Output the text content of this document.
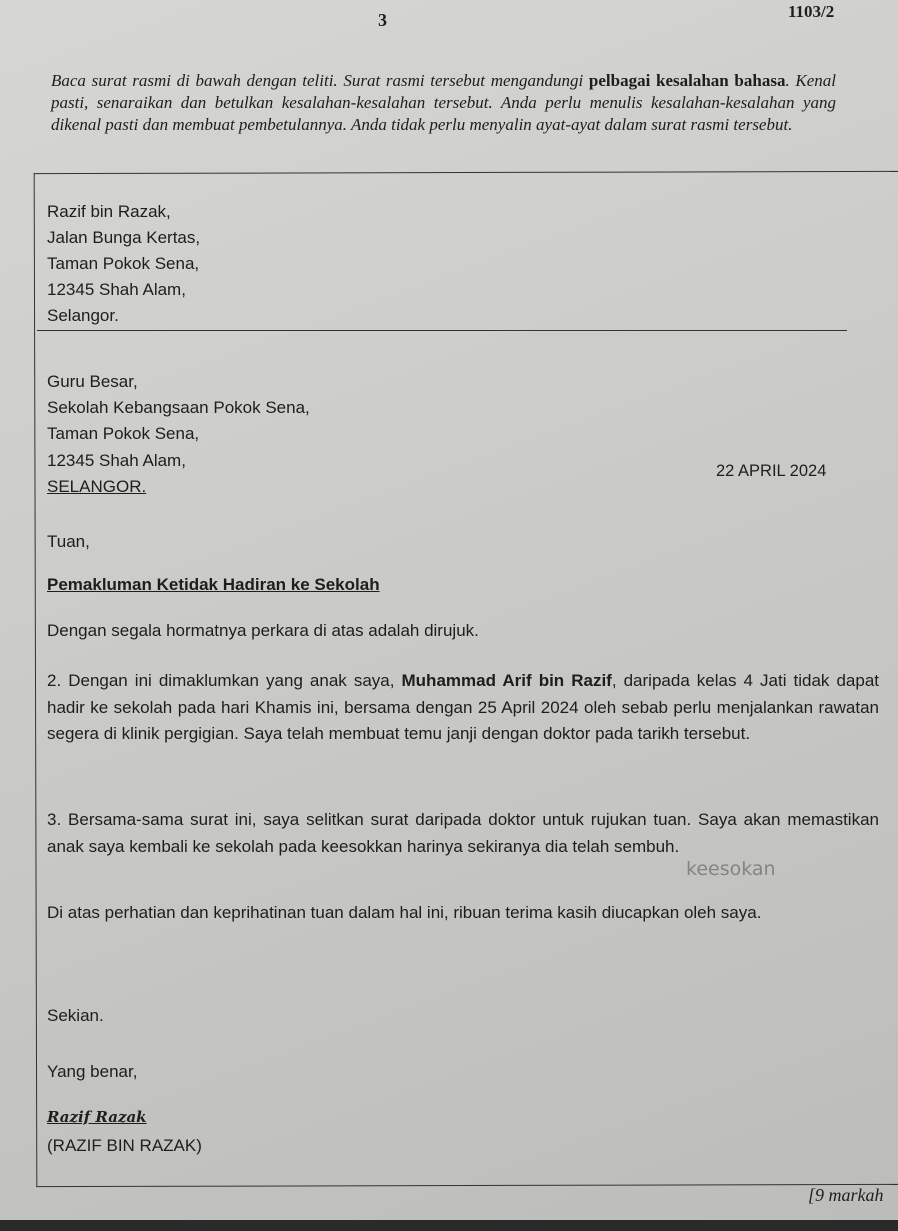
3	1103/2
Baca surat rasmi di bawah dengan teliti. Surat rasmi tersebut mengandungi pelbagai kesalahan bahasa. Kenal pasti, senaraikan dan betulkan kesalahan-kesalahan tersebut. Anda perlu menulis kesalahan-kesalahan yang dikenal pasti dan membuat pembetulannya. Anda tidak perlu menyalin ayat-ayat dalam surat rasmi tersebut.
Razif bin Razak,
Jalan Bunga Kertas,
Taman Pokok Sena,
12345 Shah Alam,
Selangor.
Guru Besar,
Sekolah Kebangsaan Pokok Sena,
Taman Pokok Sena,
12345 Shah Alam,
SELANGOR.
22 APRIL 2024
Tuan,
Pemakluman Ketidak Hadiran ke Sekolah
Dengan segala hormatnya perkara di atas adalah dirujuk.
2. Dengan ini dimaklumkan yang anak saya, Muhammad Arif bin Razif, daripada kelas 4 Jati tidak dapat hadir ke sekolah pada hari Khamis ini, bersama dengan 25 April 2024 oleh sebab perlu menjalankan rawatan segera di klinik pergigian. Saya telah membuat temu janji dengan doktor pada tarikh tersebut.
3. Bersama-sama surat ini, saya selitkan surat daripada doktor untuk rujukan tuan. Saya akan memastikan anak saya kembali ke sekolah pada keesokkan harinya sekiranya dia telah sembuh.
keesokan
Di atas perhatian dan keprihatinan tuan dalam hal ini, ribuan terima kasih diucapkan oleh saya.
Sekian.
Yang benar,
Razif Razak
(RAZIF BIN RAZAK)
[9 markah
